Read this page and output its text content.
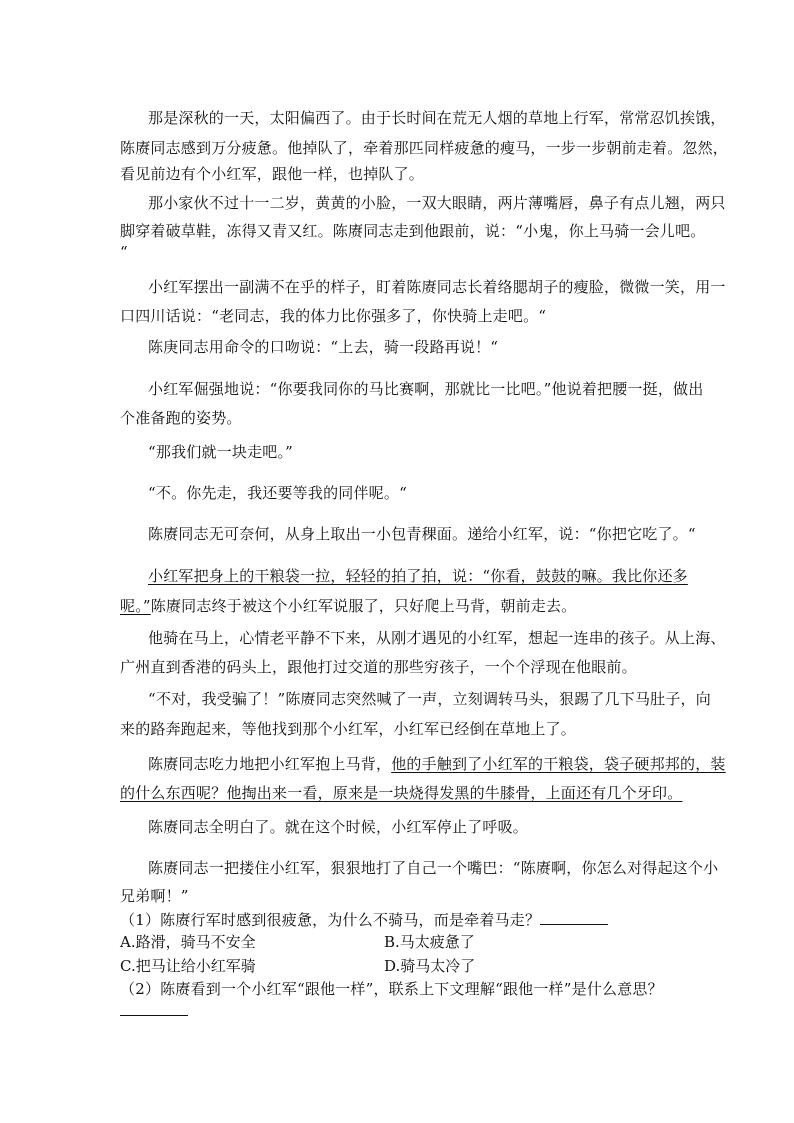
那是深秋的一天，太阳偏西了。由于长时间在荒无人烟的草地上行军，常常忍饥挨饿，
陈赓同志感到万分疲惫。他掉队了，牵着那匹同样疲惫的瘦马，一步一步朝前走着。忽然，
看见前边有个小红军，跟他一样，也掉队了。
那小家伙不过十一二岁，黄黄的小脸，一双大眼睛，两片薄嘴唇，鼻子有点儿翘，两只
脚穿着破草鞋，冻得又青又红。陈赓同志走到他跟前，说：“小鬼，你上马骑一会儿吧。
“
小红军摆出一副满不在乎的样子，盯着陈赓同志长着络腮胡子的瘦脸，微微一笑，用一
口四川话说：“老同志，我的体力比你强多了，你快骑上走吧。“
陈庚同志用命令的口吻说：“上去，骑一段路再说！“
小红军倔强地说：“你要我同你的马比赛啊，那就比一比吧。”他说着把腰一挺，做出
个准备跑的姿势。
“那我们就一块走吧。”
“不。你先走，我还要等我的同伴呢。“
陈赓同志无可奈何，从身上取出一小包青稞面。递给小红军，说：“你把它吃了。“
小红军把身上的干粮袋一拉，轻轻的拍了拍，说：“你看，鼓鼓的嘛。我比你还多
呢。”陈赓同志终于被这个小红军说服了，只好爬上马背，朝前走去。
他骑在马上，心情老平静不下来，从刚才遇见的小红军，想起一连串的孩子。从上海、
广州直到香港的码头上，跟他打过交道的那些穷孩子，一个个浮现在他眼前。
“不对，我受骗了！”陈赓同志突然喊了一声，立刻调转马头，狠踢了几下马肚子，向
来的路奔跑起来，等他找到那个小红军，小红军已经倒在草地上了。
陈赓同志吃力地把小红军抱上马背，他的手触到了小红军的干粮袋，袋子硬邦邦的，装
的什么东西呢？他掏出来一看，原来是一块烧得发黑的牛膝骨，上面还有几个牙印。
陈赓同志全明白了。就在这个时候，小红军停止了呼吸。
陈赓同志一把搂住小红军，狠狠地打了自己一个嘴巴：“陈赓啊，你怎么对得起这个小
兄弟啊！”
（1）陈赓行军时感到很疲惫，为什么不骑马，而是牵着马走？
A.路滑，骑马不安全	B.马太疲惫了
C.把马让给小红军骑	D.骑马太冷了
（2）陈赓看到一个小红军“跟他一样”，联系上下文理解“跟他一样”是什么意思？
